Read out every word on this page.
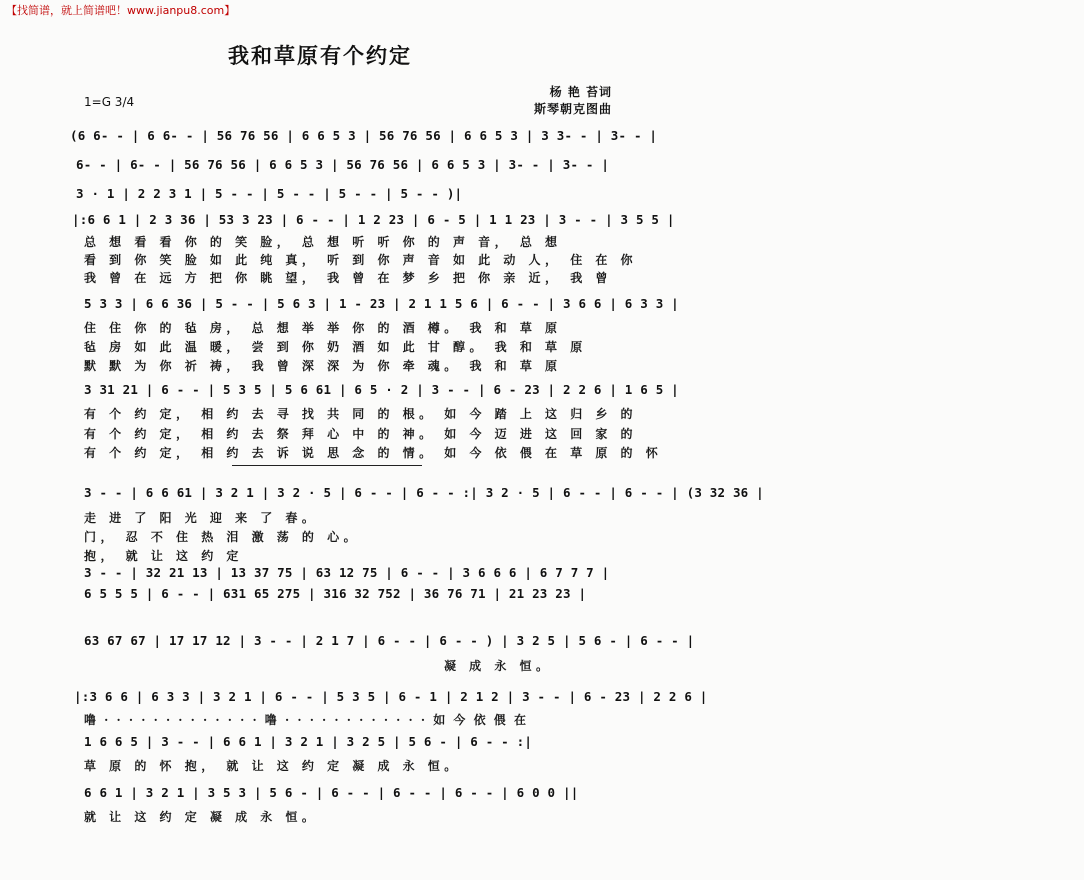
【找简谱，就上简谱吧！www.jianpu8.com】
我和草原有个约定
杨 艳 苔词
斯琴朝克图曲
1=G 3/4
(6 6- - | 6 6- - | 56 76 56 | 6 6 5 3 | 56 76 56 | 6 6 5 3 | 3 3- - | 3- - |
6- - | 6- - | 56 76 56 | 6 6 5 3 | 56 76 56 | 6 6 5 3 | 3- - | 3- - |
3 · 1 | 2 2 3 1 | 5 - - | 5 - - | 5 - - | 5 - - )|
|:6 6 1 | 2 3 36 | 53 3 23 | 6 - - | 1 2 23 | 6 - 5 | 1 1 23 | 3 - - | 3 5 5 |
总 想 看 看 你 的 笑 脸， 总 想 听 听 你 的 声 音， 总 想
看 到 你 笑 脸 如 此 纯 真， 听 到 你 声 音 如 此 动 人， 住 在 你
我 曾 在 远 方 把 你 眺 望， 我 曾 在 梦 乡 把 你 亲 近， 我 曾
5 3 3 | 6 6 36 | 5 - - | 5 6 3 | 1 - 23 | 2 1 1 5 6 | 6 - - | 3 6 6 | 6 3 3 |
住 住 你 的 毡 房， 总 想 举 举 你 的 酒 樽。 我 和 草 原
毡 房 如 此 温 暖， 尝 到 你 奶 酒 如 此 甘 醇。 我 和 草 原
默 默 为 你 祈 祷， 我 曾 深 深 为 你 牵 魂。 我 和 草 原
3 31 21 | 6 - - | 5 3 5 | 5 6 61 | 6 5 · 2 | 3 - - | 6 - 23 | 2 2 6 | 1 6 5 |
有 个 约 定， 相 约 去 寻 找 共 同 的 根。 如 今 踏 上 这 归 乡 的
有 个 约 定， 相 约 去 祭 拜 心 中 的 神。 如 今 迈 进 这 回 家 的
有 个 约 定， 相 约 去 诉 说 思 念 的 情。 如 今 依 偎 在 草 原 的 怀
3 - - | 6 6 61 | 3 2 1 | 3 2 · 5 | 6 - - | 6 - - :| 3 2 · 5 | 6 - - | 6 - - | (3 32 36 |
走 进 了 阳 光 迎 来 了 春。
门， 忍 不 住 热 泪 激 荡 的 心。
抱， 就 让 这 约 定
3 - - | 32 21 13 | 13 37 75 | 63 12 75 | 6 - - | 3 6 6 6 | 6 7 7 7 |
6 5 5 5 | 6 - - | 631 65 275 | 316 32 752 | 36 76 71 | 21 23 23 |
63 67 67 | 17 17 12 | 3 - - | 2 1 7 | 6 - - | 6 - - ) | 3 2 5 | 5 6 - | 6 - - |
凝 成 永 恒。
|:3 6 6 | 6 3 3 | 3 2 1 | 6 - - | 5 3 5 | 6 - 1 | 2 1 2 | 3 - - | 6 - 23 | 2 2 6 |
噜 · · · · · · · · · · · · · 噜 · · · · · · · · · · · · 如 今 依 偎 在
1 6 6 5 | 3 - - | 6 6 1 | 3 2 1 | 3 2 5 | 5 6 - | 6 - - :|
草 原 的 怀 抱， 就 让 这 约 定 凝 成 永 恒。
6 6 1 | 3 2 1 | 3 5 3 | 5 6 - | 6 - - | 6 - - | 6 - - | 6 0 0 ||
就 让 这 约 定 凝 成 永 恒。
